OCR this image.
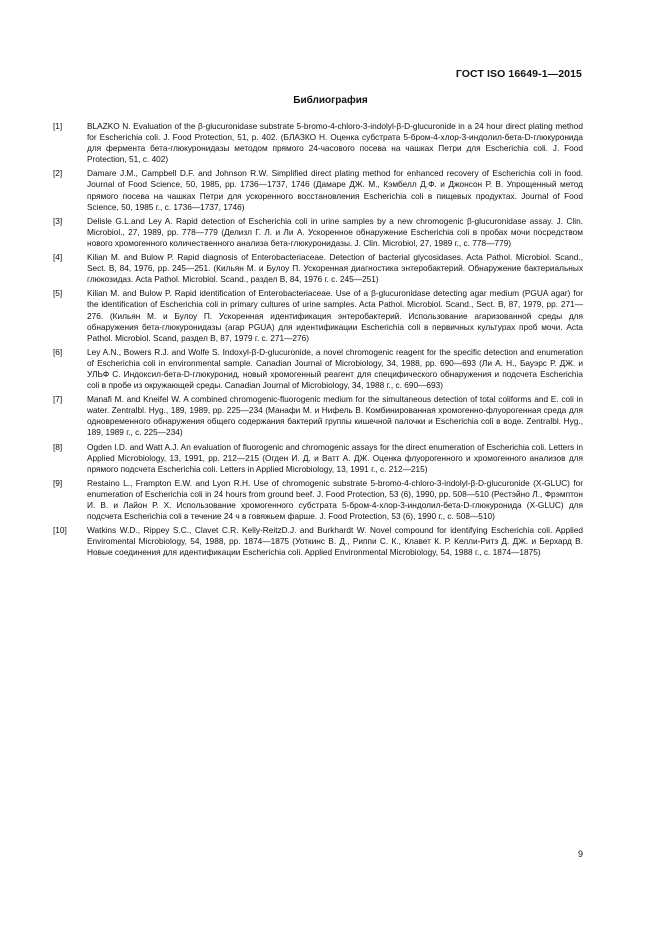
ГОСТ ISO 16649-1—2015
Библиография
[1]	BLAZKO N. Evaluation of the β-glucuronidase substrate 5-bromo-4-chloro-3-indolyl-β-D-glucuronide in a 24 hour direct plating method for Escherichia coli. J. Food Protection, 51, p. 402. (БЛАЗКО Н. Оценка субстрата 5-бром-4-хлор-3-индолил-бета-D-глюкуронида для фермента бета-глюкуронидазы методом прямого 24-часового посева на чашках Петри для Escherichia coli. J. Food Protection, 51, с. 402)
[2]	Damare J.M., Campbell D.F. and Johnson R.W. Simplified direct plating method for enhanced recovery of Escherichia coli in food. Journal of Food Science, 50, 1985, pp. 1736—1737, 1746 (Дамаре ДЖ. М., Кэмбелл Д.Ф. и Джонсон Р. В. Упрощенный метод прямого посева на чашках Петри для ускоренного восстановления Escherichia coli в пищевых продуктах. Journal of Food Science, 50, 1985 г., с. 1736—1737, 1746)
[3]	Delisle G.L.and Ley A. Rapid detection of Escherichia coli in urine samples by a new chromogenic β-glucuronidase assay. J. Clin. Microbiol., 27, 1989, pp. 778—779 (Делизл Г. Л. и Ли А. Ускоренное обнаружение Escherichia coli в пробах мочи посредством нового хромогенного количественного анализа бета-глюкуронидазы. J. Clin. Microbiol, 27, 1989 г., с. 778—779)
[4]	Kilian M. and Bulow P. Rapid diagnosis of Enterobacteriaceae. Detection of bacterial glycosidases. Acta Pathol. Microbiol. Scand., Sect. B, 84, 1976, pp. 245—251. (Кильян М. и Булоу П. Ускоренная диагностика энтеробактерий. Обнаружение бактериальных глюкозидаз. Acta Pathol. Microbiol. Scand., раздел B, 84, 1976 г. с. 245—251)
[5]	Kilian M. and Bulow P. Rapid identification of Enterobacteriaceae. Use of a β-glucuronidase detecting agar medium (PGUA agar) for the identification of Escherichia coli in primary cultures of urine samples. Acta Pathol. Microbiol. Scand., Sect. B, 87, 1979, pp. 271—276. (Кильян М. и Булоу П. Ускоренная идентификация энтеробактерий. Использование агаризованной среды для обнаружения бета-глюкуронидазы (агар PGUA) для идентификации Escherichia coli в первичных культурах проб мочи. Acta Pathol. Microbiol. Scand, раздел B, 87, 1979 г. с. 271—276)
[6]	Ley A.N., Bowers R.J. and Wolfe S. Indoxyl-β-D-glucuronide, a novel chromogenic reagent for the specific detection and enumeration of Escherichia coli in environmental sample. Canadian Journal of Microbiology, 34, 1988, pp. 690—693 (Ли А. Н., Бауэрс Р. ДЖ. и УЛЬФ С. Индоксил-бета-D-глюкуронид, новый хромогенный реагент для специфического обнаружения и подсчета Escherichia coli в пробе из окружающей среды. Canadian Journal of Microbiology, 34, 1988 г., с. 690—693)
[7]	Manafi M. and Kneifel W. A combined chromogenic-fluorogenic medium for the simultaneous detection of total coliforms and E. coli in water. Zentralbl. Hyg., 189, 1989, pp. 225—234 (Манафи М. и Нифель В. Комбинированная хромогенно-флуорогенная среда для одновременного обнаружения общего содержания бактерий группы кишечной палочки и Escherichia coli в воде. Zentralbl. Hyg., 189, 1989 г., с. 225—234)
[8]	Ogden I.D. and Watt A.J. An evaluation of fluorogenic and chromogenic assays for the direct enumeration of Escherichia coli. Letters in Applied Microbiology, 13, 1991, pp. 212—215 (Огден И. Д. и Ватт А. ДЖ. Оценка флуорогенного и хромогенного анализов для прямого подсчета Escherichia coli. Letters in Applied Microbiology, 13, 1991 г., с. 212—215)
[9]	Restaino L., Frampton E.W. and Lyon R.H. Use of chromogenic substrate 5-bromo-4-chloro-3-indolyl-β-D-glucuronide (X-GLUC) for enumeration of Escherichia coli in 24 hours from ground beef. J. Food Protection, 53 (6), 1990, pp. 508—510 (Рестэйно Л., Фрэмптон И. В. и Лайон Р. Х. Использование хромогенного субстрата 5-бром-4-хлор-3-индолил-бета-D-глюкуронида (X-GLUC) для подсчета Escherichia coli в течение 24 ч в говяжьем фарше. J. Food Protection, 53 (6), 1990 г., с. 508—510)
[10]	Watkins W.D., Rippey S.C., Clavet C.R. Kelly-ReitzD.J. and Burkhardt W. Novel compound for identifying Escherichia coli. Applied Enviromental Microbiology, 54, 1988, pp. 1874—1875 (Уоткинс В. Д., Риппи С. К., Клавет К. Р. Келли-Ритз Д. ДЖ. и Берхард В. Новые соединения для идентификации Escherichia coli. Applied Environmental Microbiology, 54, 1988 г., с. 1874—1875)
9
